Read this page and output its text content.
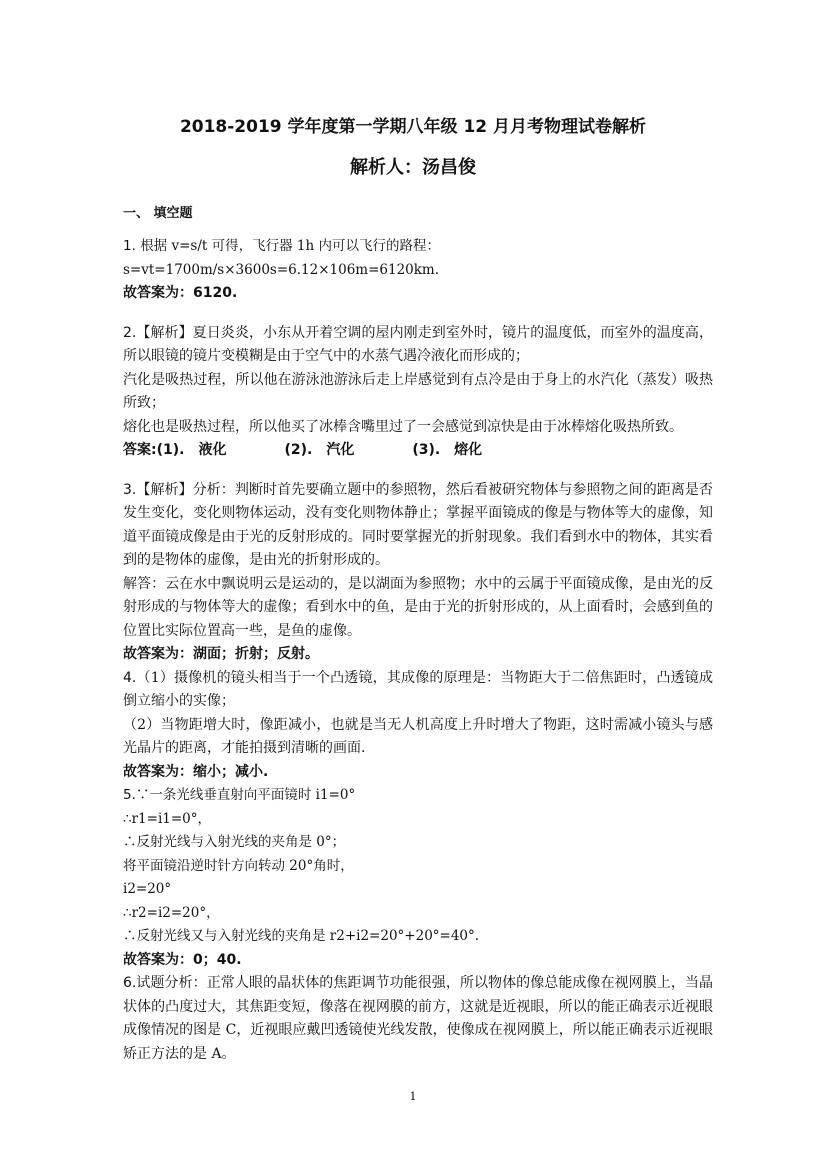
2018-2019 学年度第一学期八年级 12 月月考物理试卷解析
解析人：汤昌俊
一、 填空题
1. 根据 v=s/t 可得，飞行器 1h 内可以飞行的路程：
s=vt=1700m/s×3600s=6.12×106m=6120km.
故答案为：6120.
2.【解析】夏日炎炎，小东从开着空调的屋内刚走到室外时，镜片的温度低，而室外的温度高，所以眼镜的镜片变模糊是由于空气中的水蒸气遇冷液化而形成的；
汽化是吸热过程，所以他在游泳池游泳后走上岸感觉到有点冷是由于身上的水汽化（蒸发）吸热所致；
熔化也是吸热过程，所以他买了冰棒含嘴里过了一会感觉到凉快是由于冰棒熔化吸热所致。
答案:(1).　液化	(2).　汽化	(3).　熔化
3.【解析】分析：判断时首先要确立题中的参照物，然后看被研究物体与参照物之间的距离是否发生变化，变化则物体运动，没有变化则物体静止；掌握平面镜成的像是与物体等大的虚像，知道平面镜成像是由于光的反射形成的。同时要掌握光的折射现象。我们看到水中的物体，其实看到的是物体的虚像，是由光的折射形成的。
解答：云在水中飘说明云是运动的，是以湖面为参照物；水中的云属于平面镜成像，是由光的反射形成的与物体等大的虚像；看到水中的鱼，是由于光的折射形成的，从上面看时，会感到鱼的位置比实际位置高一些，是鱼的虚像。
故答案为：湖面；折射；反射。
4.（1）摄像机的镜头相当于一个凸透镜，其成像的原理是：当物距大于二倍焦距时，凸透镜成倒立缩小的实像；
（2）当物距增大时，像距减小，也就是当无人机高度上升时增大了物距，这时需减小镜头与感光晶片的距离，才能拍摄到清晰的画面.
故答案为：缩小；减小.
5.∵一条光线垂直射向平面镜时 i1=0°
∴r1=i1=0°，
∴反射光线与入射光线的夹角是 0°；
将平面镜沿逆时针方向转动 20°角时，
i2=20°
∴r2=i2=20°，
∴反射光线又与入射光线的夹角是 r2+i2=20°+20°=40°.
故答案为：0；40.
6.试题分析：正常人眼的晶状体的焦距调节功能很强，所以物体的像总能成像在视网膜上，当晶状体的凸度过大，其焦距变短，像落在视网膜的前方，这就是近视眼，所以的能正确表示近视眼成像情况的图是 C，近视眼应戴凹透镜使光线发散，使像成在视网膜上，所以能正确表示近视眼矫正方法的是 A。
1
